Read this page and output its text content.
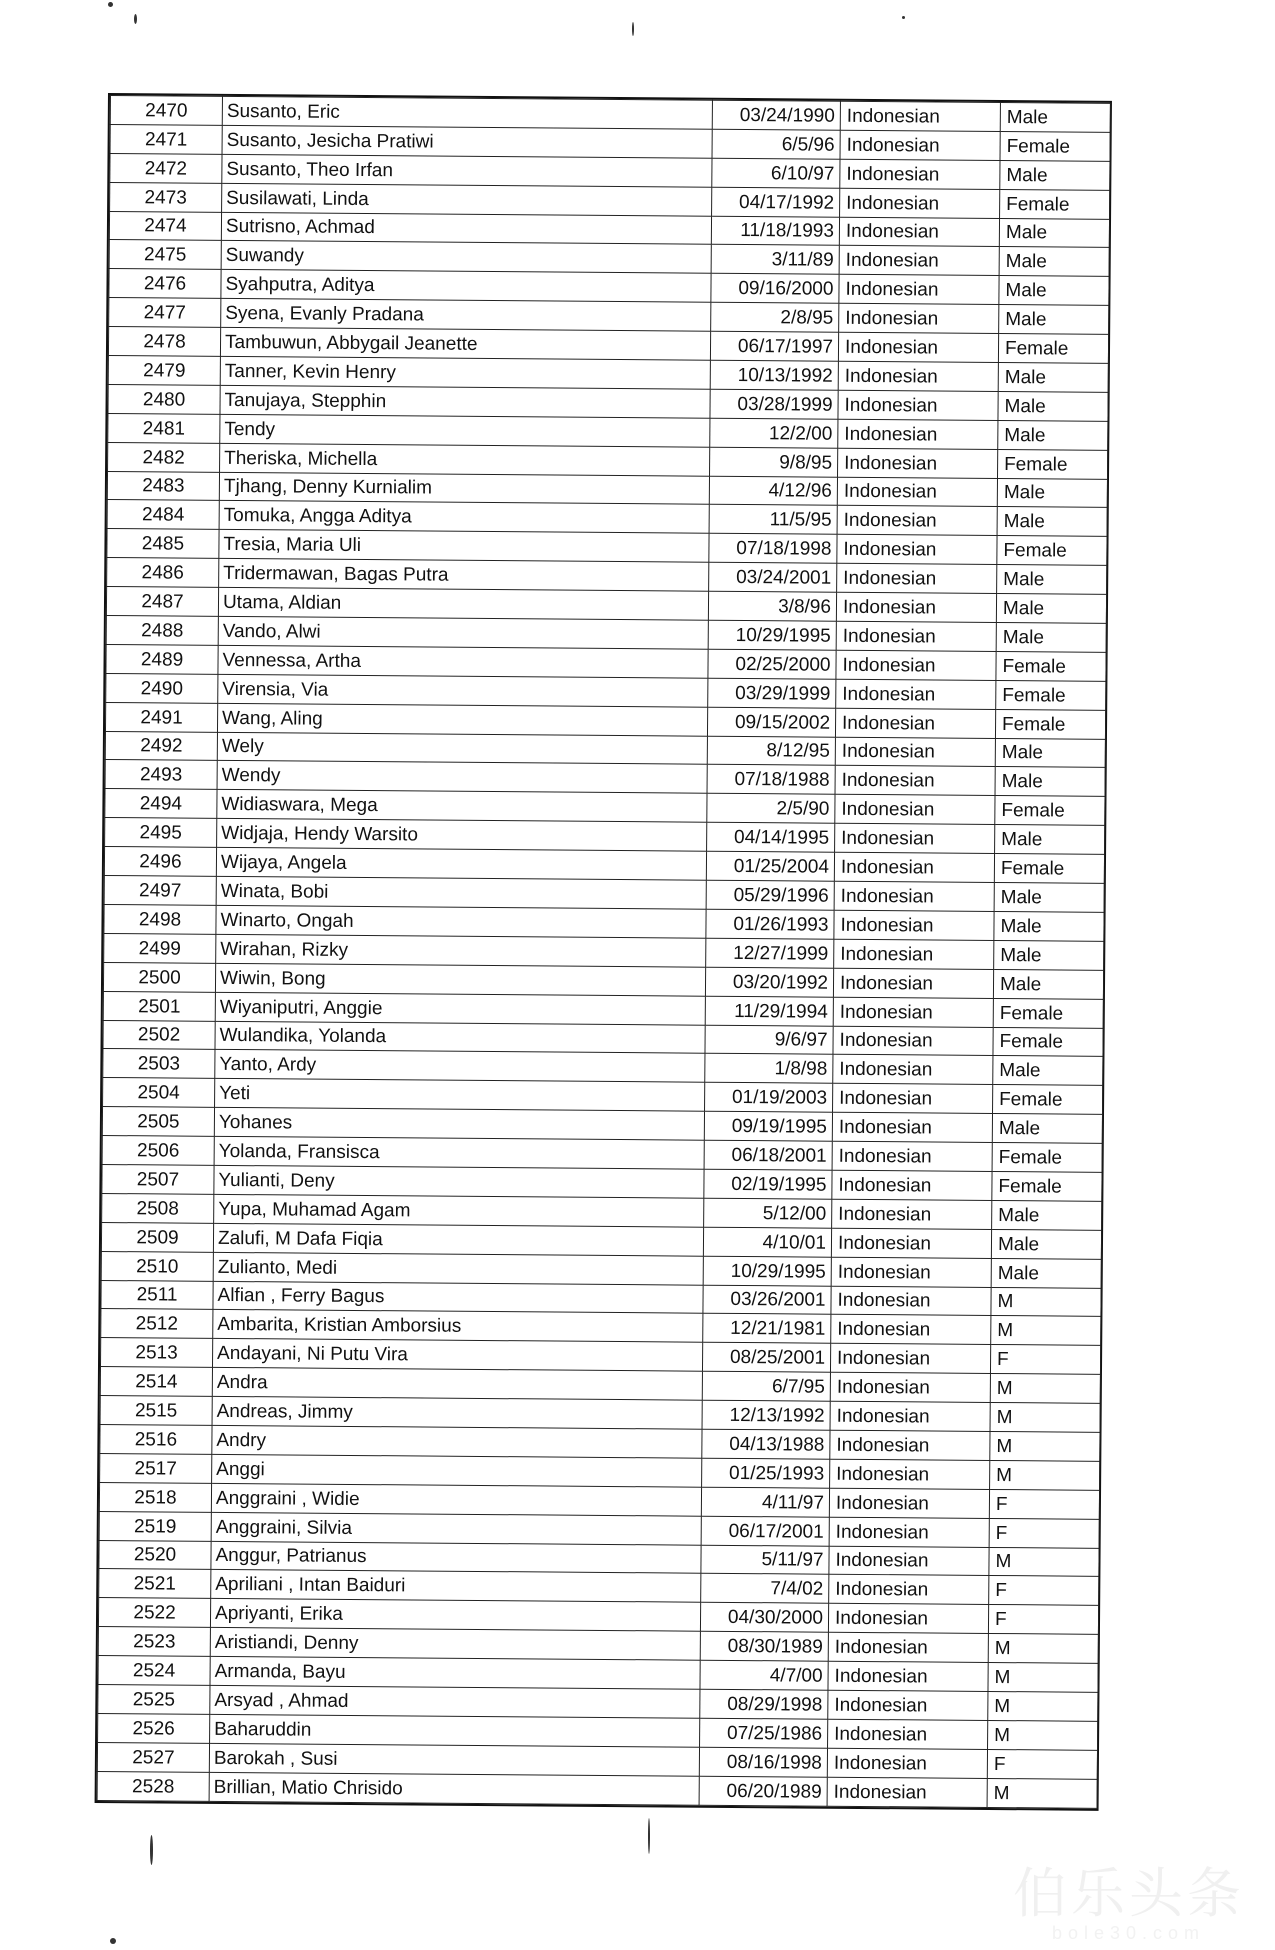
2470	Susanto, Eric	03/24/1990	Indonesian	Male
2471	Susanto, Jesicha Pratiwi	6/5/96	Indonesian	Female
2472	Susanto, Theo Irfan	6/10/97	Indonesian	Male
2473	Susilawati, Linda	04/17/1992	Indonesian	Female
2474	Sutrisno, Achmad	11/18/1993	Indonesian	Male
2475	Suwandy	3/11/89	Indonesian	Male
2476	Syahputra, Aditya	09/16/2000	Indonesian	Male
2477	Syena, Evanly Pradana	2/8/95	Indonesian	Male
2478	Tambuwun, Abbygail Jeanette	06/17/1997	Indonesian	Female
2479	Tanner, Kevin Henry	10/13/1992	Indonesian	Male
2480	Tanujaya, Stepphin	03/28/1999	Indonesian	Male
2481	Tendy	12/2/00	Indonesian	Male
2482	Theriska, Michella	9/8/95	Indonesian	Female
2483	Tjhang, Denny Kurnialim	4/12/96	Indonesian	Male
2484	Tomuka, Angga Aditya	11/5/95	Indonesian	Male
2485	Tresia, Maria Uli	07/18/1998	Indonesian	Female
2486	Tridermawan, Bagas Putra	03/24/2001	Indonesian	Male
2487	Utama, Aldian	3/8/96	Indonesian	Male
2488	Vando, Alwi	10/29/1995	Indonesian	Male
2489	Vennessa, Artha	02/25/2000	Indonesian	Female
2490	Virensia, Via	03/29/1999	Indonesian	Female
2491	Wang, Aling	09/15/2002	Indonesian	Female
2492	Wely	8/12/95	Indonesian	Male
2493	Wendy	07/18/1988	Indonesian	Male
2494	Widiaswara, Mega	2/5/90	Indonesian	Female
2495	Widjaja, Hendy Warsito	04/14/1995	Indonesian	Male
2496	Wijaya, Angela	01/25/2004	Indonesian	Female
2497	Winata, Bobi	05/29/1996	Indonesian	Male
2498	Winarto, Ongah	01/26/1993	Indonesian	Male
2499	Wirahan, Rizky	12/27/1999	Indonesian	Male
2500	Wiwin, Bong	03/20/1992	Indonesian	Male
2501	Wiyaniputri, Anggie	11/29/1994	Indonesian	Female
2502	Wulandika, Yolanda	9/6/97	Indonesian	Female
2503	Yanto, Ardy	1/8/98	Indonesian	Male
2504	Yeti	01/19/2003	Indonesian	Female
2505	Yohanes	09/19/1995	Indonesian	Male
2506	Yolanda, Fransisca	06/18/2001	Indonesian	Female
2507	Yulianti, Deny	02/19/1995	Indonesian	Female
2508	Yupa, Muhamad Agam	5/12/00	Indonesian	Male
2509	Zalufi, M Dafa Fiqia	4/10/01	Indonesian	Male
2510	Zulianto, Medi	10/29/1995	Indonesian	Male
2511	Alfian , Ferry Bagus	03/26/2001	Indonesian	M
2512	Ambarita, Kristian Amborsius	12/21/1981	Indonesian	M
2513	Andayani, Ni Putu Vira	08/25/2001	Indonesian	F
2514	Andra	6/7/95	Indonesian	M
2515	Andreas, Jimmy	12/13/1992	Indonesian	M
2516	Andry	04/13/1988	Indonesian	M
2517	Anggi	01/25/1993	Indonesian	M
2518	Anggraini , Widie	4/11/97	Indonesian	F
2519	Anggraini, Silvia	06/17/2001	Indonesian	F
2520	Anggur, Patrianus	5/11/97	Indonesian	M
2521	Apriliani , Intan Baiduri	7/4/02	Indonesian	F
2522	Apriyanti, Erika	04/30/2000	Indonesian	F
2523	Aristiandi, Denny	08/30/1989	Indonesian	M
2524	Armanda, Bayu	4/7/00	Indonesian	M
2525	Arsyad , Ahmad	08/29/1998	Indonesian	M
2526	Baharuddin	07/25/1986	Indonesian	M
2527	Barokah , Susi	08/16/1998	Indonesian	F
2528	Brillian, Matio Chrisido	06/20/1989	Indonesian	M
伯乐头条
bole30.com
